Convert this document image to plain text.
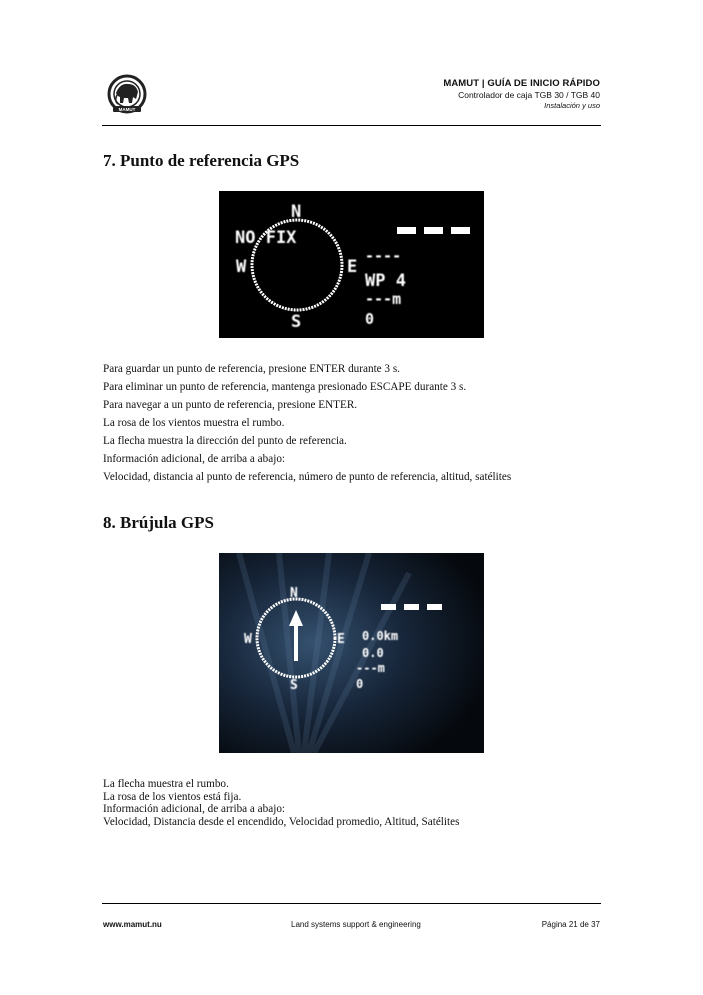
MAMUT
MAMUT | GUÍA DE INICIO RÁPIDO
Controlador de caja TGB 30 / TGB 40
Instalación y uso
7. Punto de referencia GPS
N
S
E
W
NO FIX
----
WP 4
---m
0
Para guardar un punto de referencia, presione ENTER durante 3 s.
Para eliminar un punto de referencia, mantenga presionado ESCAPE durante 3 s.
Para navegar a un punto de referencia, presione ENTER.
La rosa de los vientos muestra el rumbo.
La flecha muestra la dirección del punto de referencia.
Información adicional, de arriba a abajo:
Velocidad, distancia al punto de referencia, número de punto de referencia, altitud, satélites
8. Brújula GPS
N
S
E
W	0.0km
0.0
---m
0
La flecha muestra el rumbo.
La rosa de los vientos está fija.
Información adicional, de arriba a abajo:
Velocidad, Distancia desde el encendido, Velocidad promedio, Altitud, Satélites
www.mamut.nu	Land systems support & engineering	Página 21 de 37
